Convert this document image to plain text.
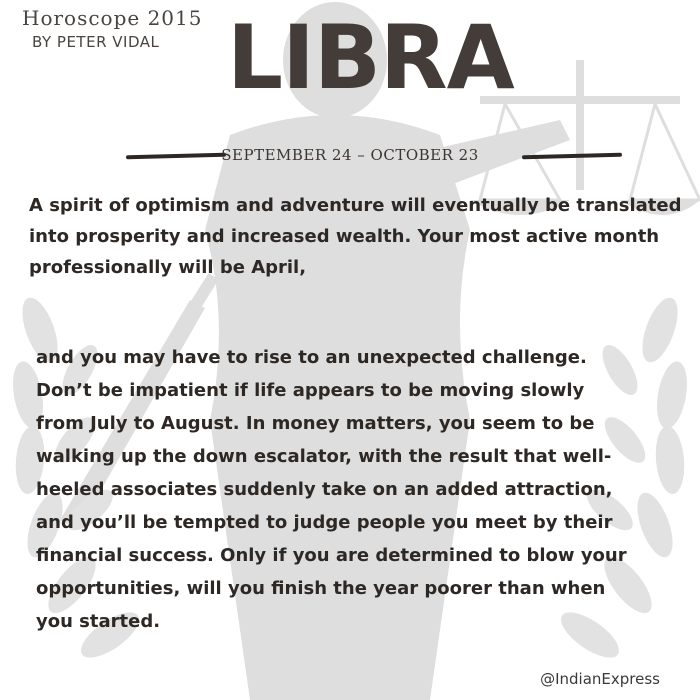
Horoscope 2015
BY PETER VIDAL LIBRA
SEPTEMBER 24 – OCTOBER 23

A spirit of optimism and adventure will eventually be translated into prosperity and increased wealth. Your most active month professionally will be April,

and you may have to rise to an unexpected challenge. Don’t be impatient if life appears to be moving slowly from July to August. In money matters, you seem to be walking up the down escalator, with the result that well-heeled associates suddenly take on an added attraction, and you’ll be tempted to judge people you meet by their financial success. Only if you are determined to blow your opportunities, will you finish the year poorer than when you started.

@IndianExpress
